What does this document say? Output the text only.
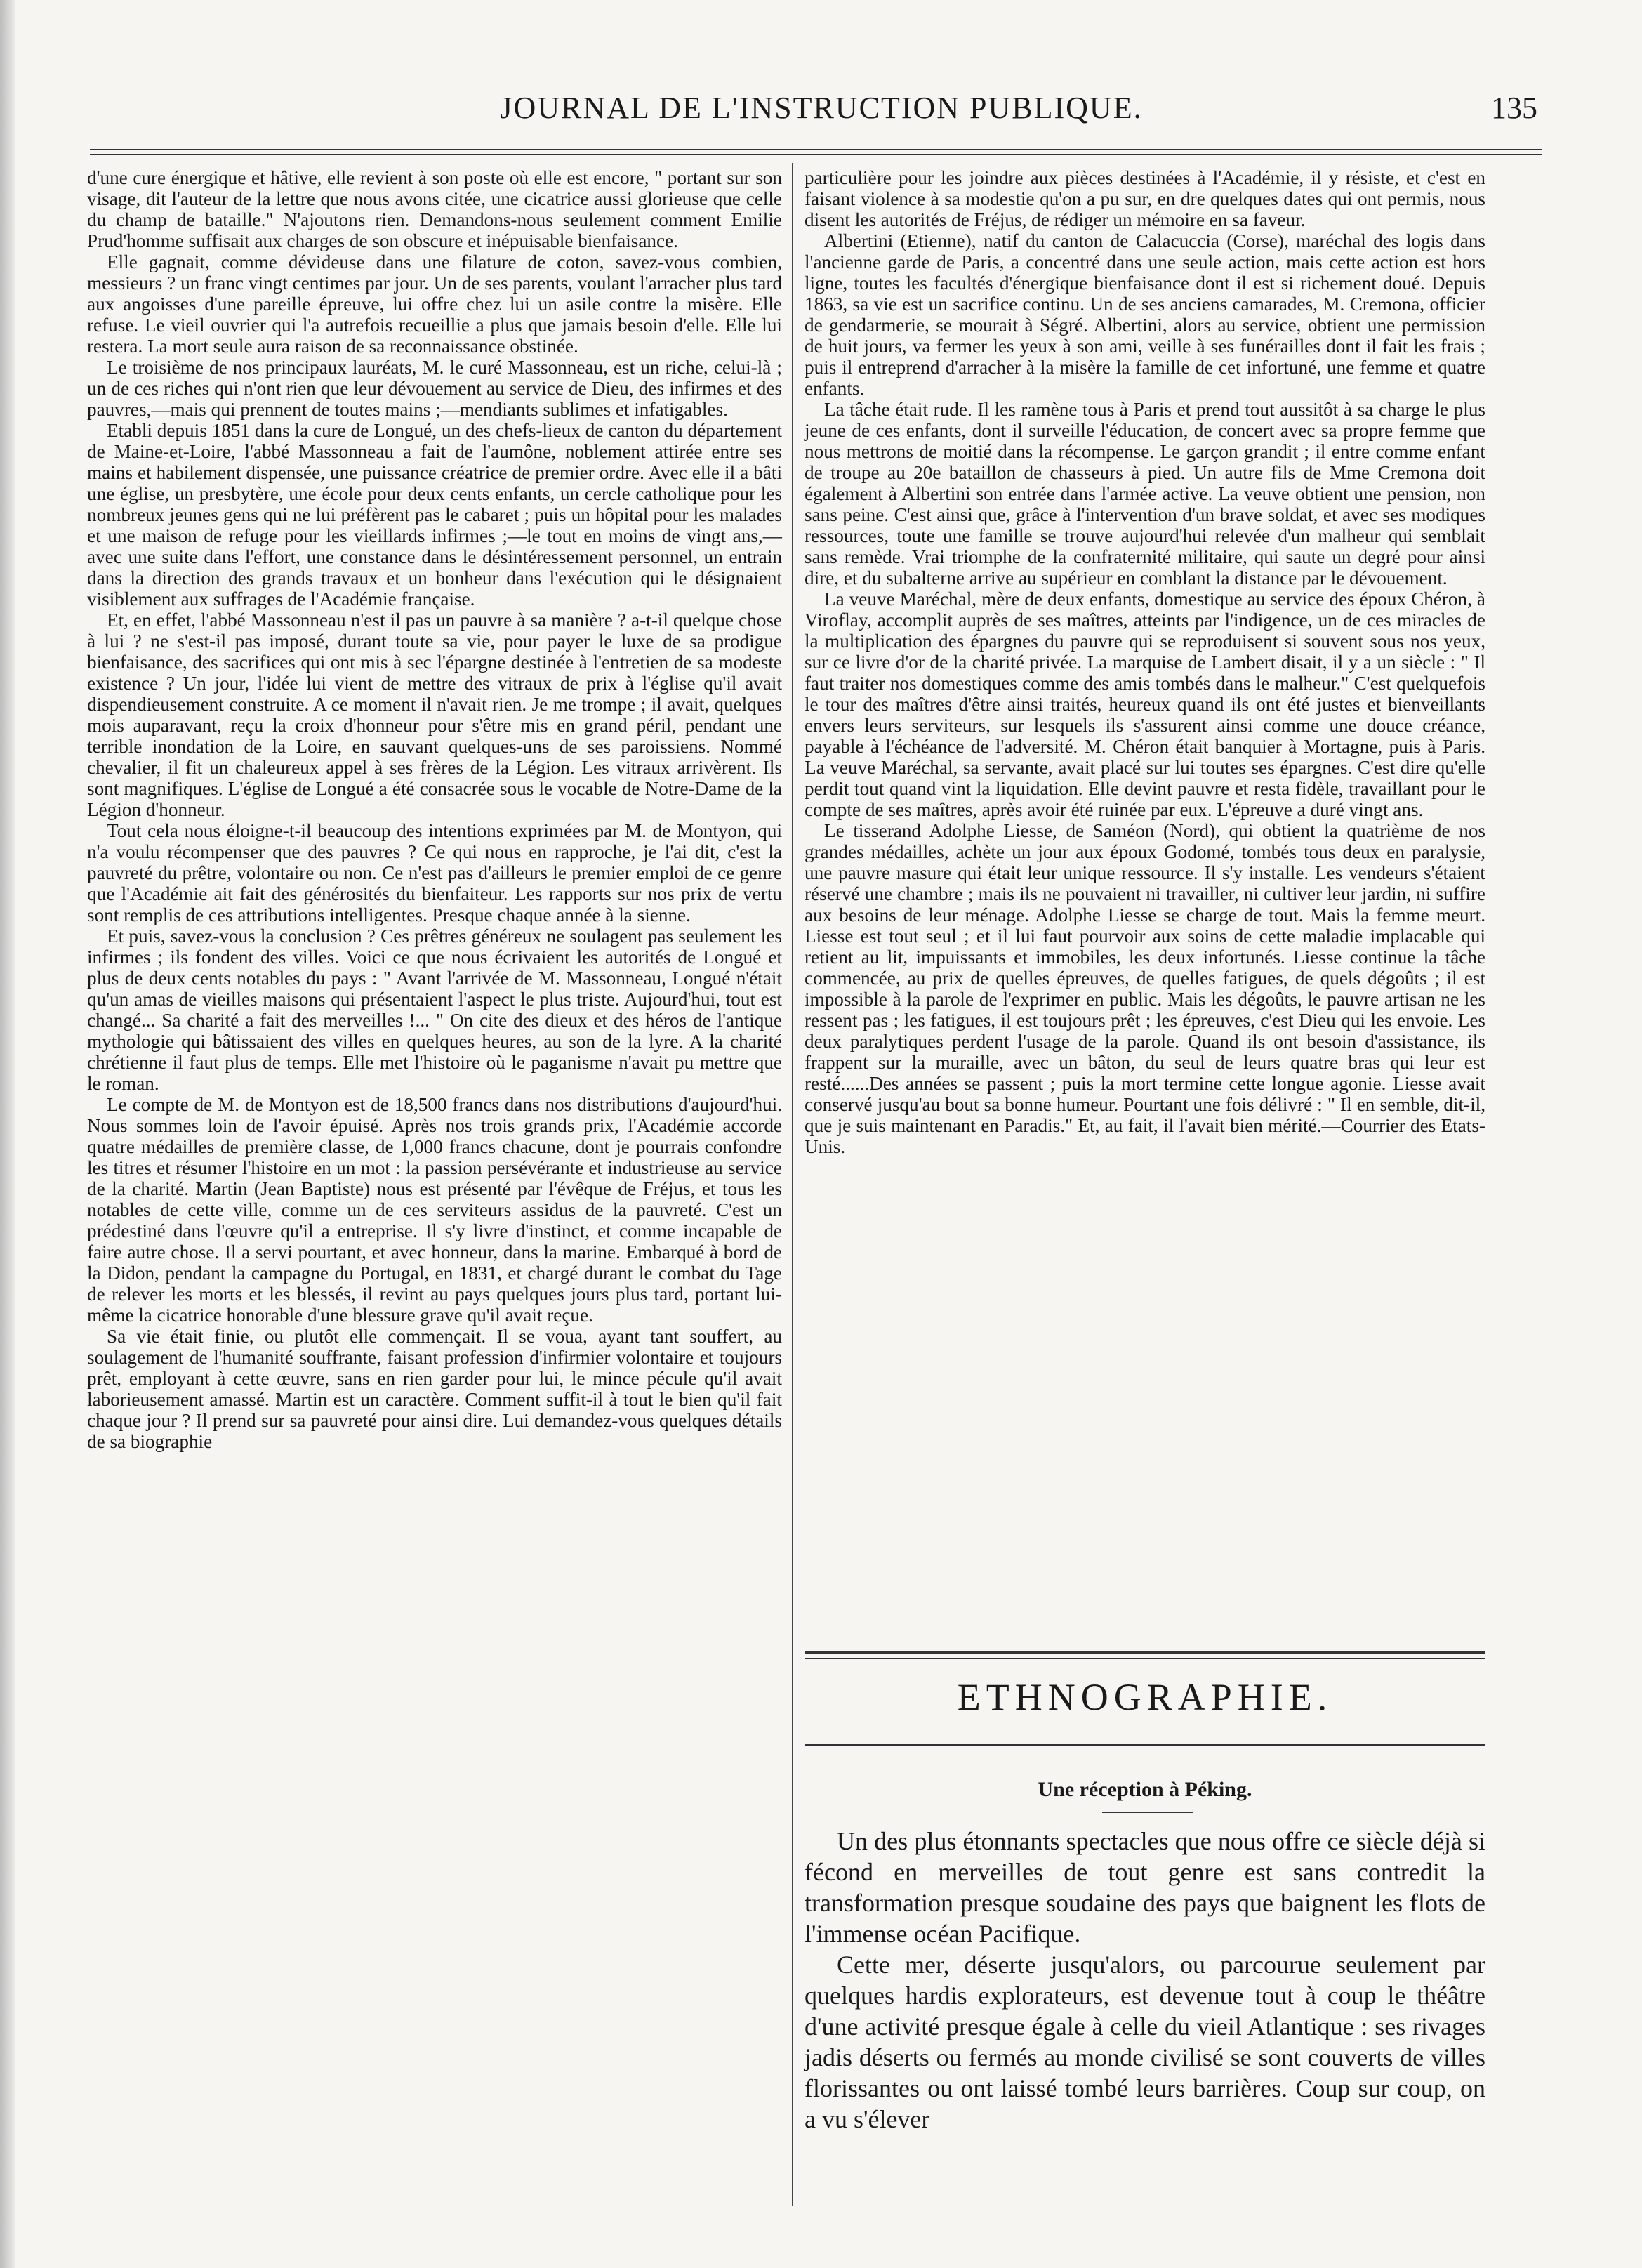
JOURNAL DE L'INSTRUCTION PUBLIQUE.	135

d'une cure énergique et hâtive, elle revient à son poste où elle est encore, " portant sur son visage, dit l'auteur de la lettre que nous avons citée, une cicatrice aussi glorieuse que celle du champ de bataille." N'ajoutons rien. Demandons-nous seulement comment Emilie Prud'homme suffisait aux charges de son obscure et inépuisable bienfaisance.

Elle gagnait, comme dévideuse dans une filature de coton, savez-vous combien, messieurs ? un franc vingt centimes par jour. Un de ses parents, voulant l'arracher plus tard aux angoisses d'une pareille épreuve, lui offre chez lui un asile contre la misère. Elle refuse. Le vieil ouvrier qui l'a autrefois recueillie a plus que jamais besoin d'elle. Elle lui restera. La mort seule aura raison de sa reconnaissance obstinée.

Le troisième de nos principaux lauréats, M. le curé Massonneau, est un riche, celui-là ; un de ces riches qui n'ont rien que leur dévouement au service de Dieu, des infirmes et des pauvres,—mais qui prennent de toutes mains ;—mendiants sublimes et infatigables.

Etabli depuis 1851 dans la cure de Longué, un des chefs-lieux de canton du département de Maine-et-Loire, l'abbé Massonneau a fait de l'aumône, noblement attirée entre ses mains et habilement dispensée, une puissance créatrice de premier ordre. Avec elle il a bâti une église, un presbytère, une école pour deux cents enfants, un cercle catholique pour les nombreux jeunes gens qui ne lui préfèrent pas le cabaret ; puis un hôpital pour les malades et une maison de refuge pour les vieillards infirmes ;—le tout en moins de vingt ans,—avec une suite dans l'effort, une constance dans le désintéressement personnel, un entrain dans la direction des grands travaux et un bonheur dans l'exécution qui le désignaient visiblement aux suffrages de l'Académie française.

Et, en effet, l'abbé Massonneau n'est il pas un pauvre à sa manière ? a-t-il quelque chose à lui ? ne s'est-il pas imposé, durant toute sa vie, pour payer le luxe de sa prodigue bienfaisance, des sacrifices qui ont mis à sec l'épargne destinée à l'entretien de sa modeste existence ? Un jour, l'idée lui vient de mettre des vitraux de prix à l'église qu'il avait dispendieusement construite. A ce moment il n'avait rien. Je me trompe ; il avait, quelques mois auparavant, reçu la croix d'honneur pour s'être mis en grand péril, pendant une terrible inondation de la Loire, en sauvant quelques-uns de ses paroissiens. Nommé chevalier, il fit un chaleureux appel à ses frères de la Légion. Les vitraux arrivèrent. Ils sont magnifiques. L'église de Longué a été consacrée sous le vocable de Notre-Dame de la Légion d'honneur.

Tout cela nous éloigne-t-il beaucoup des intentions exprimées par M. de Montyon, qui n'a voulu récompenser que des pauvres ? Ce qui nous en rapproche, je l'ai dit, c'est la pauvreté du prêtre, volontaire ou non. Ce n'est pas d'ailleurs le premier emploi de ce genre que l'Académie ait fait des générosités du bienfaiteur. Les rapports sur nos prix de vertu sont remplis de ces attributions intelligentes. Presque chaque année à la sienne.

Et puis, savez-vous la conclusion ? Ces prêtres généreux ne soulagent pas seulement les infirmes ; ils fondent des villes. Voici ce que nous écrivaient les autorités de Longué et plus de deux cents notables du pays : " Avant l'arrivée de M. Massonneau, Longué n'était qu'un amas de vieilles maisons qui présentaient l'aspect le plus triste. Aujourd'hui, tout est changé... Sa charité a fait des merveilles !... " On cite des dieux et des héros de l'antique mythologie qui bâtissaient des villes en quelques heures, au son de la lyre. A la charité chrétienne il faut plus de temps. Elle met l'histoire où le paganisme n'avait pu mettre que le roman.

Le compte de M. de Montyon est de 18,500 francs dans nos distributions d'aujourd'hui. Nous sommes loin de l'avoir épuisé. Après nos trois grands prix, l'Académie accorde quatre médailles de première classe, de 1,000 francs chacune, dont je pourrais confondre les titres et résumer l'histoire en un mot : la passion persévérante et industrieuse au service de la charité. Martin (Jean Baptiste) nous est présenté par l'évêque de Fréjus, et tous les notables de cette ville, comme un de ces serviteurs assidus de la pauvreté. C'est un prédestiné dans l'œuvre qu'il a entreprise. Il s'y livre d'instinct, et comme incapable de faire autre chose. Il a servi pourtant, et avec honneur, dans la marine. Embarqué à bord de la Didon, pendant la campagne du Portugal, en 1831, et chargé durant le combat du Tage de relever les morts et les blessés, il revint au pays quelques jours plus tard, portant lui-même la cicatrice honorable d'une blessure grave qu'il avait reçue.

Sa vie était finie, ou plutôt elle commençait. Il se voua, ayant tant souffert, au soulagement de l'humanité souffrante, faisant profession d'infirmier volontaire et toujours prêt, employant à cette œuvre, sans en rien garder pour lui, le mince pécule qu'il avait laborieusement amassé. Martin est un caractère. Comment suffit-il à tout le bien qu'il fait chaque jour ? Il prend sur sa pauvreté pour ainsi dire. Lui demandez-vous quelques détails de sa biographie

particulière pour les joindre aux pièces destinées à l'Académie, il y résiste, et c'est en faisant violence à sa modestie qu'on a pu sur, en dre quelques dates qui ont permis, nous disent les autorités de Fréjus, de rédiger un mémoire en sa faveur.

Albertini (Etienne), natif du canton de Calacuccia (Corse), maréchal des logis dans l'ancienne garde de Paris, a concentré dans une seule action, mais cette action est hors ligne, toutes les facultés d'énergique bienfaisance dont il est si richement doué. Depuis 1863, sa vie est un sacrifice continu. Un de ses anciens camarades, M. Cremona, officier de gendarmerie, se mourait à Ségré. Albertini, alors au service, obtient une permission de huit jours, va fermer les yeux à son ami, veille à ses funérailles dont il fait les frais ; puis il entreprend d'arracher à la misère la famille de cet infortuné, une femme et quatre enfants.

La tâche était rude. Il les ramène tous à Paris et prend tout aussitôt à sa charge le plus jeune de ces enfants, dont il surveille l'éducation, de concert avec sa propre femme que nous mettrons de moitié dans la récompense. Le garçon grandit ; il entre comme enfant de troupe au 20e bataillon de chasseurs à pied. Un autre fils de Mme Cremona doit également à Albertini son entrée dans l'armée active. La veuve obtient une pension, non sans peine. C'est ainsi que, grâce à l'intervention d'un brave soldat, et avec ses modiques ressources, toute une famille se trouve aujourd'hui relevée d'un malheur qui semblait sans remède. Vrai triomphe de la confraternité militaire, qui saute un degré pour ainsi dire, et du subalterne arrive au supérieur en comblant la distance par le dévouement.

La veuve Maréchal, mère de deux enfants, domestique au service des époux Chéron, à Viroflay, accomplit auprès de ses maîtres, atteints par l'indigence, un de ces miracles de la multiplication des épargnes du pauvre qui se reproduisent si souvent sous nos yeux, sur ce livre d'or de la charité privée. La marquise de Lambert disait, il y a un siècle : " Il faut traiter nos domestiques comme des amis tombés dans le malheur." C'est quelquefois le tour des maîtres d'être ainsi traités, heureux quand ils ont été justes et bienveillants envers leurs serviteurs, sur lesquels ils s'assurent ainsi comme une douce créance, payable à l'échéance de l'adversité. M. Chéron était banquier à Mortagne, puis à Paris. La veuve Maréchal, sa servante, avait placé sur lui toutes ses épargnes. C'est dire qu'elle perdit tout quand vint la liquidation. Elle devint pauvre et resta fidèle, travaillant pour le compte de ses maîtres, après avoir été ruinée par eux. L'épreuve a duré vingt ans.

Le tisserand Adolphe Liesse, de Saméon (Nord), qui obtient la quatrième de nos grandes médailles, achète un jour aux époux Godomé, tombés tous deux en paralysie, une pauvre masure qui était leur unique ressource. Il s'y installe. Les vendeurs s'étaient réservé une chambre ; mais ils ne pouvaient ni travailler, ni cultiver leur jardin, ni suffire aux besoins de leur ménage. Adolphe Liesse se charge de tout. Mais la femme meurt. Liesse est tout seul ; et il lui faut pourvoir aux soins de cette maladie implacable qui retient au lit, impuissants et immobiles, les deux infortunés. Liesse continue la tâche commencée, au prix de quelles épreuves, de quelles fatigues, de quels dégoûts ; il est impossible à la parole de l'exprimer en public. Mais les dégoûts, le pauvre artisan ne les ressent pas ; les fatigues, il est toujours prêt ; les épreuves, c'est Dieu qui les envoie. Les deux paralytiques perdent l'usage de la parole. Quand ils ont besoin d'assistance, ils frappent sur la muraille, avec un bâton, du seul de leurs quatre bras qui leur est resté......Des années se passent ; puis la mort termine cette longue agonie. Liesse avait conservé jusqu'au bout sa bonne humeur. Pourtant une fois délivré : " Il en semble, dit-il, que je suis maintenant en Paradis." Et, au fait, il l'avait bien mérité.—Courrier des Etats-Unis.

ETHNOGRAPHIE.
Une réception à Péking.

Un des plus étonnants spectacles que nous offre ce siècle déjà si fécond en merveilles de tout genre est sans contredit la transformation presque soudaine des pays que baignent les flots de l'immense océan Pacifique.

Cette mer, déserte jusqu'alors, ou parcourue seulement par quelques hardis explorateurs, est devenue tout à coup le théâtre d'une activité presque égale à celle du vieil Atlantique : ses rivages jadis déserts ou fermés au monde civilisé se sont couverts de villes florissantes ou ont laissé tombé leurs barrières. Coup sur coup, on a vu s'élever
